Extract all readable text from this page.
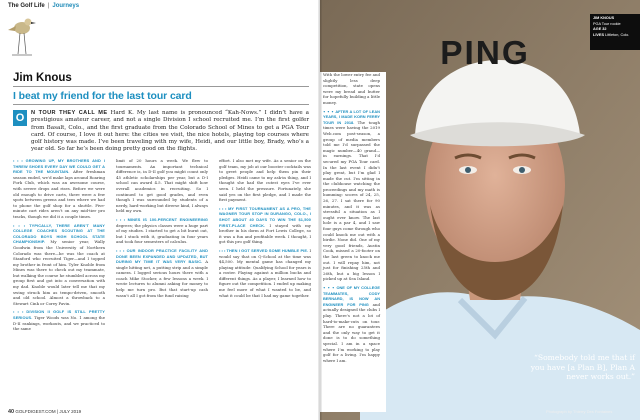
The Golf Life | Journeys
Jim Knous
I beat my friend for the last tour card
O	N TOUR THEY CALL ME Hard K. My last name is pronounced “Kah-Nows.” I didn’t have a prestigious amateur career, and not a single Division I school recruited me. I’m the first golfer from Basalt, Colo., and the first graduate from the Colorado School of Mines to get a PGA Tour card. Of course, I love it out here: the cities we visit, the nice hotels, playing top courses where golf history was made. I’ve been traveling with my wife, Heidi, and our little boy, Brady, who’s a year old. So far he’s been doing pretty good on the flights.

• • • GROWING UP, MY BROTHERS AND I THREW SHOES EVERY DAY WE COULD GET A RIDE TO THE MOUNTAIN. After freshman season ended, we’d make laps around Roaring Fork Club, which was an awesome course, with severe drops and rises. Before we were old enough to drive carts, there were a few spots between greens and tees where we had to phone the golf shop for a shuttle. Five-minute cart rides aren’t on any mid-tier pro tracks, though we did it a couple times.

• • • TYPICALLY, THERE AREN’T MANY COLLEGE COACHES SCOUTING AT THE COLORADO BOYS HIGH SCHOOL STATE CHAMPIONSHIP. My senior year, Wally Goodwin from the University of Northern Colorado was there—he was the coach at Stanford who recruited Tiger—and I topped my brother in front of him. Tyler Knoble from Mines was there to check out my teammate, but walking the course he stumbled across my group first and got into a conversation with my dad. Knoble would later tell me that my swing struck him as tempo-driven, smooth and old school. Almost a throwback to a Stewart Cink or Corey Pavin.

• • • DIVISION II GOLF IS STILL PRETTY SERIOUS. Tiger Woods was No. 1 among the D-II rankings, workouts, and we practiced to the same

limit of 20 hours a week. We flew to tournaments. An important technical difference is, in D-II golf you might count only 45 athletic scholarships per year, but a D-I school can award 4.5. That might shift how overall academics in recruiting. So I continued to get good grades, and even though I was surrounded by students of a nerdy, hard-working but diverse kind, I always held my own.

• • • MINES IS 100-PERCENT ENGINEERING degrees; the physics classes were a huge part of my studies. I started to get a bit burnt out, but I stuck with it, graduating in four years and took four semesters of calculus.

• • • OUR INDOOR PRACTICE FACILITY AND DONE BEEN EXPANDED AND UPDATED, BUT DURING MY TIME IT WAS VERY BASIC. A single hitting net, a putting strip and a simple camera. I logged serious hours there with a coach Mike Stocker, a few lessons a week. I wrote lectures to alumni asking for money to help me turn pro. But that start-up cash wasn’t all I got from the fund raising

effort. I also met my wife. As a senior on the golf team, my job at our booster cocktails was to greet people and help them pin their pledges. Heidi came to my ask-in thing, and I thought she had the cutest eyes I’ve ever seen. I held the pressure. Fortunately, she said yes on the first pledge, and I made the first payment.

• • • MY FIRST TOURNAMENT AS A PRO, THE WAGNER TOUR STOP IN DURANGO, COLO., I SHOT ABOUT 40 DAYS TO WIN THE $1,500 FIRST-PLACE CHECK. I stayed with my brother in his dorm at Fort Lewis College, so it was a fun and profitable week. I thought, I got this pro golf thing.

• • • THEN I GOT SERVED SOME HUMBLE PIE. I would say that on Q-School at the time was $4,500. My mental game has changed my playing attitude: Qualifying School for years is a roster. Playing against a million bucks and different things. As a player, I learned how to figure out the competition. I ended up making me feel more of what I wanted to be, and what it could be that I had my game together.

40 GOLFDIGEST.COM | JULY 2019
PING

With the lower entry fee and slightly less deep competition, state opens were my bread and butter for hopefully building a little money.

• • • AFTER A LOT OF LEAN YEARS, I MADE KORN FERRY TOUR IN 2018. The tough times were having the 2019 Web.com post-season, a group of media members told me I’d surpassed the magic number—40 grand—in earnings. That I’d secured my PGA Tour card. In the last event I didn’t play great, but I’m glad I made the cut. I’m sitting in the clubhouse watching the proceedings and my math is humming: scores of 24, 25, 26, 27. I sat there for 90 minutes, and it was as stressful a situation as I ought ever know. The last hole is a par 4, and I saw four guys come through who could knock me out with a birdie. None did. One of my very good friends, Austin Cook, missed a 20-footer on the last green to knock me out. I will repay him, not just for finishing 25th and 26th, but a big lesson I picked up at Sea Island.

• • • ONE OF MY COLLEGE TEAMMATES, CODY BERNARD, IS NOW AN ENGINEER FOR PING and actually designed the clubs I play. There’s not a lot of hard-to-make-cuts on tour. There are no guarantees and the only way to get it done is to do something special. I am in a space where I’m working to play golf for a living. I’m happy where I am.

JIM KNOUS
PGA Tour rookie
AGE 32
LIVES Littleton, Colo.
“Somebody told me that if you have [a Plan B], Plan A never works out.”
Photograph by Thierry Des Fontaines
